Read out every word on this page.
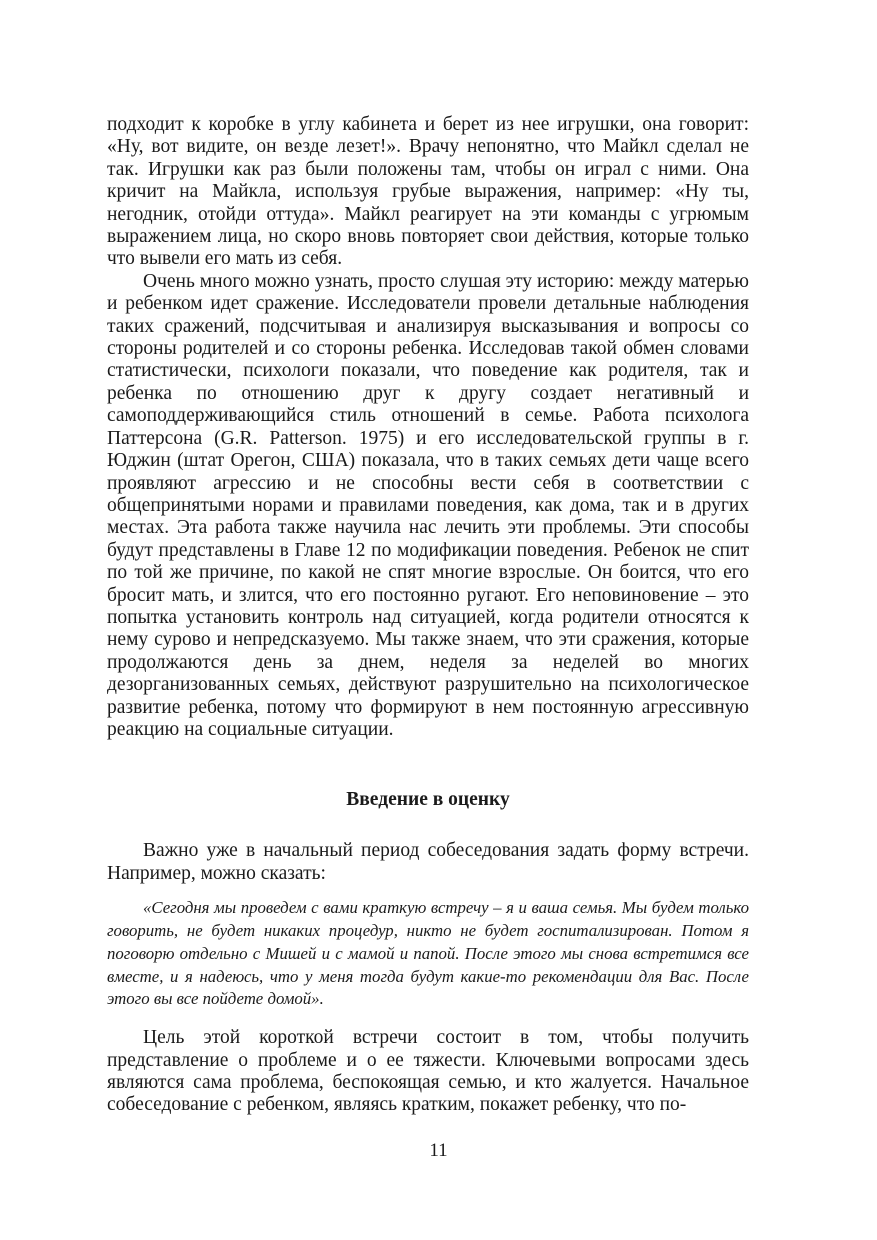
подходит к коробке в углу кабинета и берет из нее игрушки, она говорит: «Ну, вот видите, он везде лезет!». Врачу непонятно, что Майкл сделал не так. Игрушки как раз были положены там, чтобы он играл с ними. Она кричит на Майкла, используя грубые выражения, например: «Ну ты, негодник, отойди оттуда». Майкл реагирует на эти команды с угрюмым выражением лица, но скоро вновь повторяет свои действия, которые только что вывели его мать из себя.

Очень много можно узнать, просто слушая эту историю: между матерью и ребенком идет сражение. Исследователи провели детальные наблюдения таких сражений, подсчитывая и анализируя высказывания и вопросы со стороны родителей и со стороны ребенка. Исследовав такой обмен словами статистически, психологи показали, что поведение как родителя, так и ребенка по отношению друг к другу создает негативный и самоподдерживающийся стиль отношений в семье. Работа психолога Паттерсона (G.R. Patterson. 1975) и его исследовательской группы в г. Юджин (штат Орегон, США) показала, что в таких семьях дети чаще всего проявляют агрессию и не способны вести себя в соответствии с общепринятыми норами и правилами поведения, как дома, так и в других местах. Эта работа также научила нас лечить эти проблемы. Эти способы будут представлены в Главе 12 по модификации поведения. Ребенок не спит по той же причине, по какой не спят многие взрослые. Он боится, что его бросит мать, и злится, что его постоянно ругают. Его неповиновение – это попытка установить контроль над ситуацией, когда родители относятся к нему сурово и непредсказуемо. Мы также знаем, что эти сражения, которые продолжаются день за днем, неделя за неделей во многих дезорганизованных семьях, действуют разрушительно на психологическое развитие ребенка, потому что формируют в нем постоянную агрессивную реакцию на социальные ситуации.

Введение в оценку

Важно уже в начальный период собеседования задать форму встречи. Например, можно сказать:

«Сегодня мы проведем с вами краткую встречу – я и ваша семья. Мы будем только говорить, не будет никаких процедур, никто не будет госпитализирован. Потом я поговорю отдельно с Мишей и с мамой и папой. После этого мы снова встретимся все вместе, и я надеюсь, что у меня тогда будут какие-то рекомендации для Вас. После этого вы все пойдете домой».

Цель этой короткой встречи состоит в том, чтобы получить представление о проблеме и о ее тяжести. Ключевыми вопросами здесь являются сама проблема, беспокоящая семью, и кто жалуется. Начальное собеседование с ребенком, являясь кратким, покажет ребенку, что по-

11
